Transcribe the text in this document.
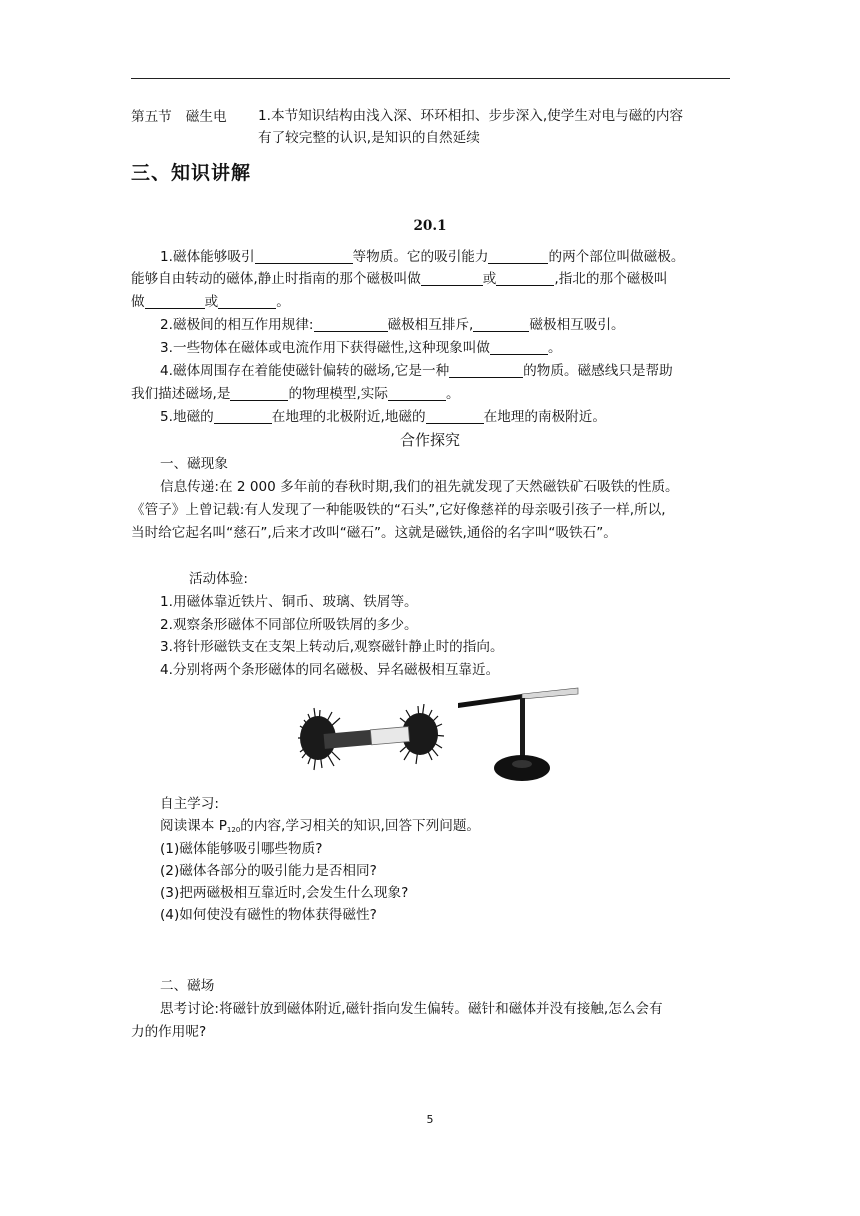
第五节 磁生电	1.本节知识结构由浅入深、环环相扣、步步深入,使学生对电与磁的内容
有了较完整的认识,是知识的自然延续
三、知识讲解
20.1
1.磁体能够吸引	等物质。它的吸引能力	的两个部位叫做磁极。
能够自由转动的磁体,静止时指南的那个磁极叫做	或	,指北的那个磁极叫
做	或	。
2.磁极间的相互作用规律:	磁极相互排斥,	磁极相互吸引。
3.一些物体在磁体或电流作用下获得磁性,这种现象叫做	。
4.磁体周围存在着能使磁针偏转的磁场,它是一种	的物质。磁感线只是帮助
我们描述磁场,是	的物理模型,实际	。
5.地磁的	在地理的北极附近,地磁的	在地理的南极附近。
合作探究
一、磁现象
信息传递:在 2 000 多年前的春秋时期,我们的祖先就发现了天然磁铁矿石吸铁的性质。
《管子》上曾记载:有人发现了一种能吸铁的“石头”,它好像慈祥的母亲吸引孩子一样,所以,
当时给它起名叫“慈石”,后来才改叫“磁石”。这就是磁铁,通俗的名字叫“吸铁石”。
活动体验:
1.用磁体靠近铁片、铜币、玻璃、铁屑等。
2.观察条形磁体不同部位所吸铁屑的多少。
3.将针形磁铁支在支架上转动后,观察磁针静止时的指向。
4.分别将两个条形磁体的同名磁极、异名磁极相互靠近。
自主学习:
阅读课本 $P_{120}$的内容,学习相关的知识,回答下列问题。
(1)磁体能够吸引哪些物质?
(2)磁体各部分的吸引能力是否相同?
(3)把两磁极相互靠近时,会发生什么现象?
(4)如何使没有磁性的物体获得磁性?
二、磁场
思考讨论:将磁针放到磁体附近,磁针指向发生偏转。磁针和磁体并没有接触,怎么会有
力的作用呢?
5
